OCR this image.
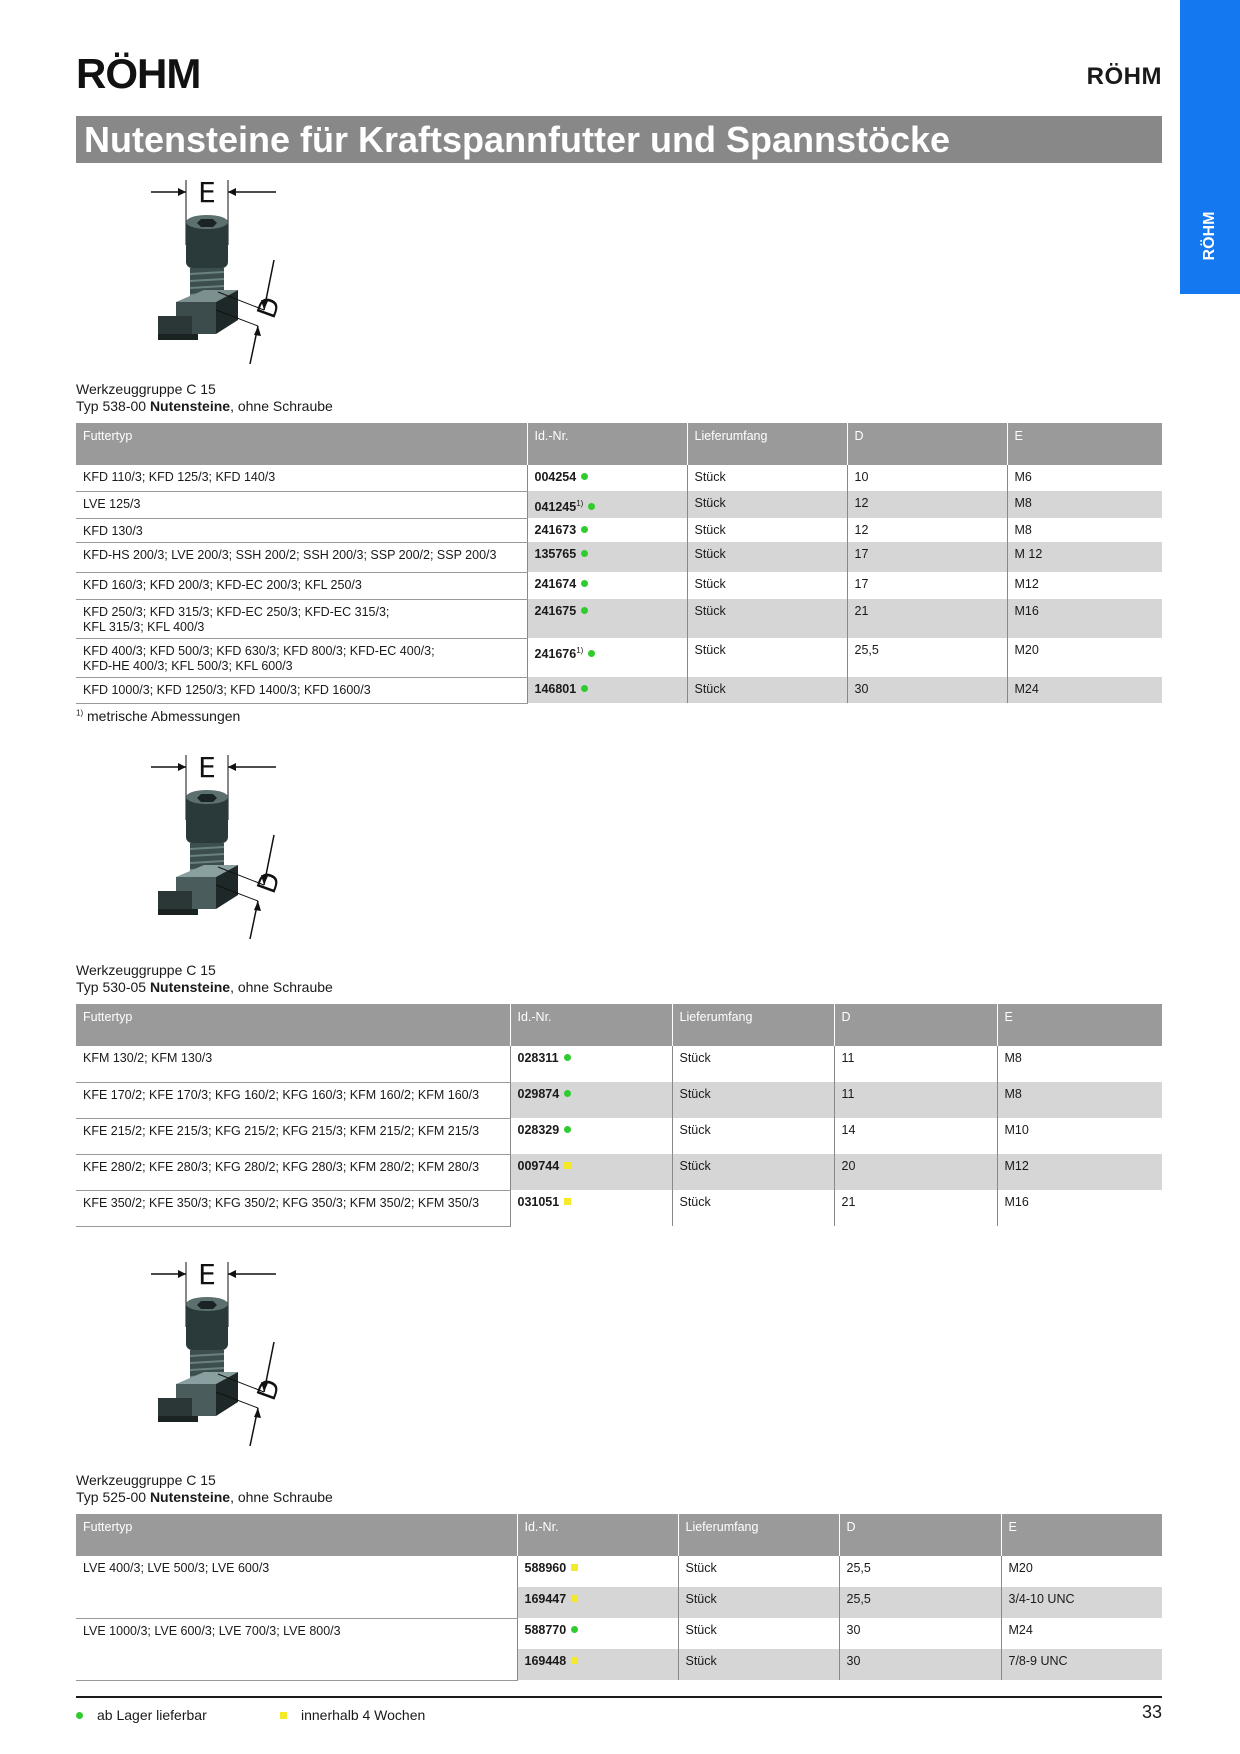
RÖHM	RÖHM
RÖHM
Nutensteine für Kraftspannfutter und Spannstöcke
E
D
E
D
E
D
Werkzeuggruppe C 15
Typ 538-00 Nutensteine, ohne Schraube
Futtertyp	Id.-Nr.	Lieferumfang	D	E
KFD 110/3; KFD 125/3; KFD 140/3	004254	Stück	10	M6
LVE 125/3	041245$^{1)}$	Stück	12	M8
KFD 130/3	241673	Stück	12	M8
KFD-HS 200/3; LVE 200/3; SSH 200/2; SSH 200/3; SSP 200/2; SSP 200/3	135765	Stück	17	M 12
KFD 160/3; KFD 200/3; KFD-EC 200/3; KFL 250/3	241674	Stück	17	M12
KFD 250/3; KFD 315/3; KFD-EC 250/3; KFD-EC 315/3;
KFL 315/3; KFL 400/3	241675	Stück	21	M16
KFD 400/3; KFD 500/3; KFD 630/3; KFD 800/3; KFD-EC 400/3;
KFD-HE 400/3; KFL 500/3; KFL 600/3	241676$^{1)}$	Stück	25,5	M20
KFD 1000/3; KFD 1250/3; KFD 1400/3; KFD 1600/3	146801	Stück	30	M24
$^{1)}$ metrische Abmessungen
Werkzeuggruppe C 15
Typ 530-05 Nutensteine, ohne Schraube
Futtertyp	Id.-Nr.	Lieferumfang	D	E
KFM 130/2; KFM 130/3	028311	Stück	11	M8
KFE 170/2; KFE 170/3; KFG 160/2; KFG 160/3; KFM 160/2; KFM 160/3	029874	Stück	11	M8
KFE 215/2; KFE 215/3; KFG 215/2; KFG 215/3; KFM 215/2; KFM 215/3	028329	Stück	14	M10
KFE 280/2; KFE 280/3; KFG 280/2; KFG 280/3; KFM 280/2; KFM 280/3	009744	Stück	20	M12
KFE 350/2; KFE 350/3; KFG 350/2; KFG 350/3; KFM 350/2; KFM 350/3	031051	Stück	21	M16
Werkzeuggruppe C 15
Typ 525-00 Nutensteine, ohne Schraube
Futtertyp	Id.-Nr.	Lieferumfang	D	E
LVE 400/3; LVE 500/3; LVE 600/3	588960	Stück	25,5	M20
	169447	Stück	25,5	3/4-10 UNC
LVE 1000/3; LVE 600/3; LVE 700/3; LVE 800/3	588770	Stück	30	M24
	169448	Stück	30	7/8-9 UNC
ab Lager lieferbar	innerhalb 4 Wochen	33
